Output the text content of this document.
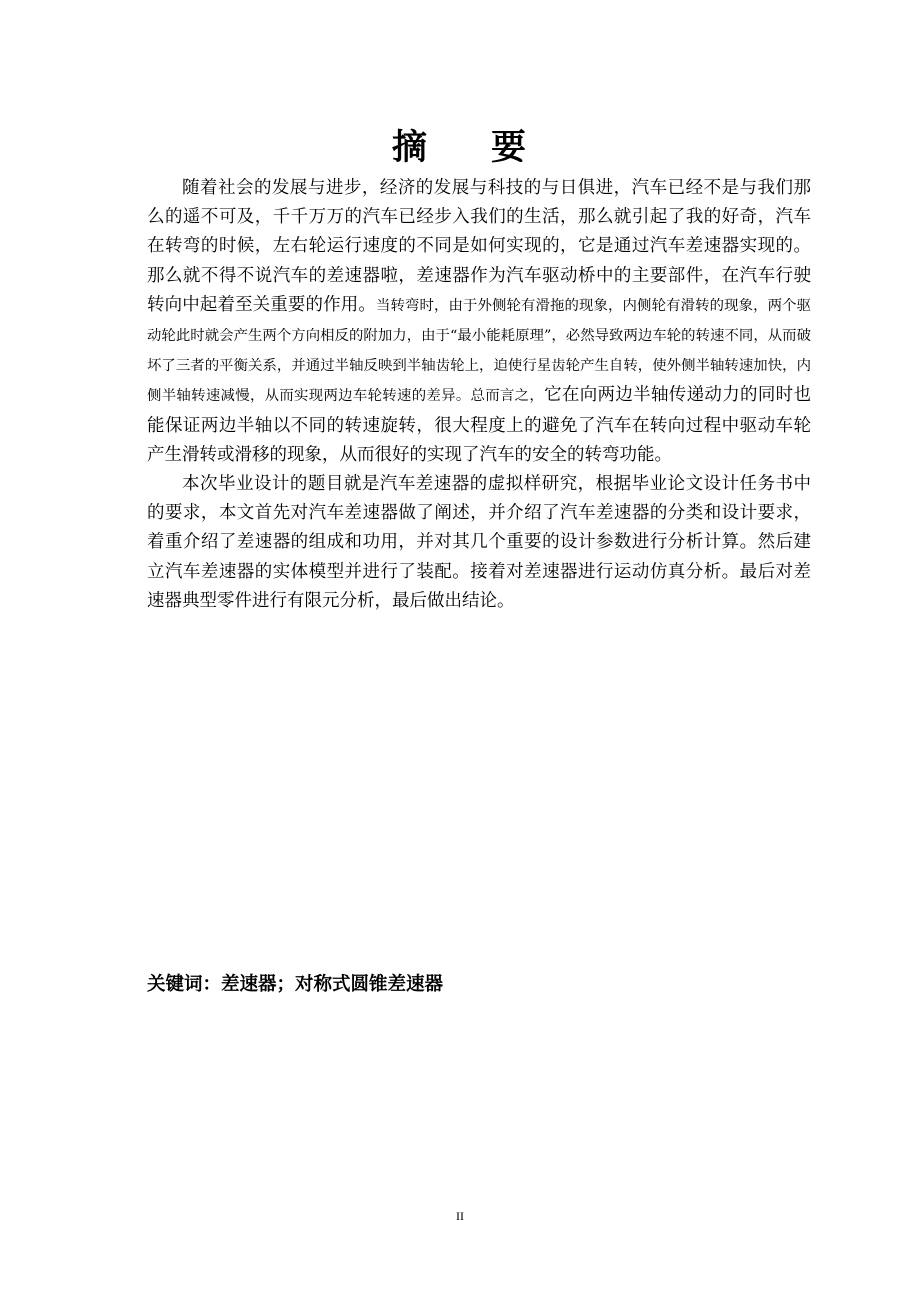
摘 要

随着社会的发展与进步，经济的发展与科技的与日俱进，汽车已经不是与我们那么的遥不可及，千千万万的汽车已经步入我们的生活，那么就引起了我的好奇，汽车在转弯的时候，左右轮运行速度的不同是如何实现的，它是通过汽车差速器实现的。那么就不得不说汽车的差速器啦，差速器作为汽车驱动桥中的主要部件，在汽车行驶转向中起着至关重要的作用。当转弯时，由于外侧轮有滑拖的现象，内侧轮有滑转的现象，两个驱动轮此时就会产生两个方向相反的附加力，由于“最小能耗原理”，必然导致两边车轮的转速不同，从而破坏了三者的平衡关系，并通过半轴反映到半轴齿轮上，迫使行星齿轮产生自转，使外侧半轴转速加快，内侧半轴转速减慢，从而实现两边车轮转速的差异。总而言之，它在向两边半轴传递动力的同时也能保证两边半轴以不同的转速旋转，很大程度上的避免了汽车在转向过程中驱动车轮产生滑转或滑移的现象，从而很好的实现了汽车的安全的转弯功能。

本次毕业设计的题目就是汽车差速器的虚拟样研究，根据毕业论文设计任务书中的要求，本文首先对汽车差速器做了阐述，并介绍了汽车差速器的分类和设计要求，着重介绍了差速器的组成和功用，并对其几个重要的设计参数进行分析计算。然后建立汽车差速器的实体模型并进行了装配。接着对差速器进行运动仿真分析。最后对差速器典型零件进行有限元分析，最后做出结论。

关键词：差速器；对称式圆锥差速器
II
